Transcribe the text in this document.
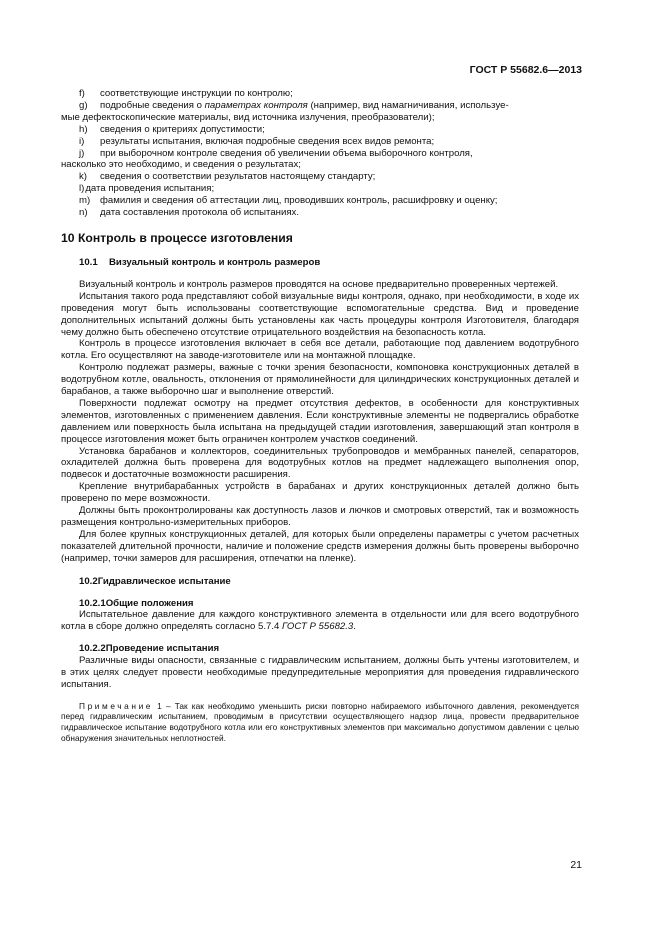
ГОСТ Р 55682.6—2013
f) соответствующие инструкции по контролю;
g) подробные сведения о параметрах контроля (например, вид намагничивания, используе-
мые дефектоскопические материалы, вид источника излучения, преобразователи);
h) сведения о критериях допустимости;
i) результаты испытания, включая подробные сведения всех видов ремонта;
j) при выборочном контроле сведения об увеличении объема выборочного контроля,
насколько это необходимо, и сведения о результатах;
k) сведения о соответствии результатов настоящему стандарту;
l)дата проведения испытания;
m) фамилия и сведения об аттестации лиц, проводивших контроль, расшифровку и оценку;
n) дата составления протокола об испытаниях.
10 Контроль в процессе изготовления
10.1 Визуальный контроль и контроль размеров

Визуальный контроль и контроль размеров проводятся на основе предварительно проверенных чертежей.

Испытания такого рода представляют собой визуальные виды контроля, однако, при необходимости, в ходе их проведения могут быть использованы соответствующие вспомогательные средства. Вид и проведение дополнительных испытаний должны быть установлены как часть процедуры контроля Изготовителя, благодаря чему должно быть обеспечено отсутствие отрицательного воздействия на безопасность котла.

Контроль в процессе изготовления включает в себя все детали, работающие под давлением водотрубного котла. Его осуществляют на заводе-изготовителе или на монтажной площадке.

Контролю подлежат размеры, важные с точки зрения безопасности, компоновка конструкционных деталей в водотрубном котле, овальность, отклонения от прямолинейности для цилиндрических конструкционных деталей и барабанов, а также выборочно шаг и выполнение отверстий.

Поверхности подлежат осмотру на предмет отсутствия дефектов, в особенности для конструктивных элементов, изготовленных с применением давления. Если конструктивные элементы не подвергались обработке давлением или поверхность была испытана на предыдущей стадии изготовления, завершающий этап контроля в процессе изготовления может быть ограничен контролем участков соединений.

Установка барабанов и коллекторов, соединительных трубопроводов и мембранных панелей, сепараторов, охладителей должна быть проверена для водотрубных котлов на предмет надлежащего выполнения опор, подвесок и достаточные возможности расширения.

Крепление внутрибарабанных устройств в барабанах и других конструкционных деталей должно быть проверено по мере возможности.

Должны быть проконтролированы как доступность лазов и лючков и смотровых отверстий, так и возможность размещения контрольно-измерительных приборов.

Для более крупных конструкционных деталей, для которых были определены параметры с учетом расчетных показателей длительной прочности, наличие и положение средств измерения должны быть проверены выборочно (например, точки замеров для расширения, отпечатки на пленке).

10.2Гидравлическое испытание
10.2.1Общие положения

Испытательное давление для каждого конструктивного элемента в отдельности или для всего водотрубного котла в сборе должно определять согласно 5.7.4 ГОСТ Р 55682.3.

10.2.2Проведение испытания

Различные виды опасности, связанные с гидравлическим испытанием, должны быть учтены изготовителем, и в этих целях следует провести необходимые предупредительные мероприятия для проведения гидравлического испытания.

Примечание 1 – Так как необходимо уменьшить риски повторно набираемого избыточного давления, рекомендуется перед гидравлическим испытанием, проводимым в присутствии осуществляющего надзор лица, провести предварительное гидравлическое испытание водотрубного котла или его конструктивных элементов при максимально допустимом давлении с целью обнаружения значительных неплотностей.
21
